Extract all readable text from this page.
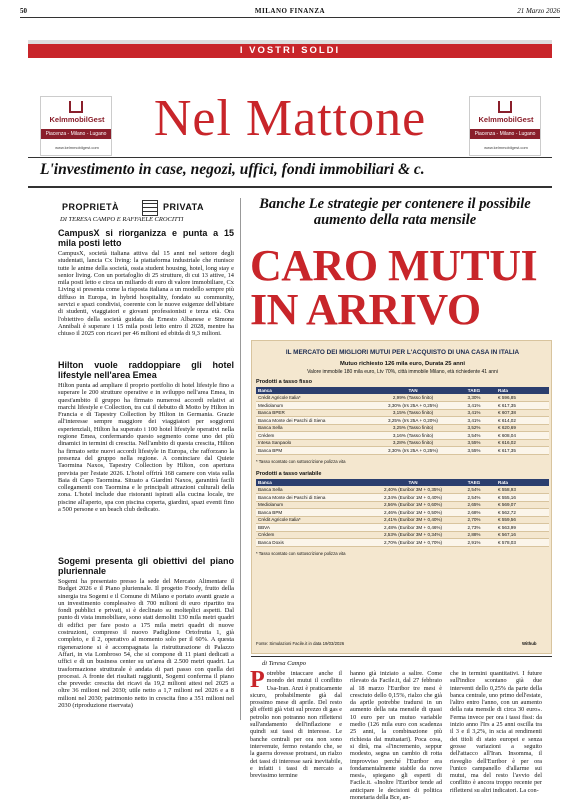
50	MILANO FINANZA	21 Marzo 2026
I VOSTRI SOLDI
KelmmobilGest
Piacenza - Milano - Lugano
www.kelmmobilgest.com
Nel Mattone	KelmmobilGest
Piacenza - Milano - Lugano
www.kelmmobilgest.com
L'investimento in case, negozi, uffici, fondi immobiliari & c.
PROPRIETÀ	PRIVATA
DI TERESA CAMPO E RAFFAELE CROCITTI
CampusX si riorganizza e punta a 15 mila posti letto

CampusX, società italiana attiva dal 15 anni nel settore degli studentati, lancia Cx living: la piattaforma industriale che riunisce tutte le anime della società, ossia student housing, hotel, long stay e senior living. Con un portafoglio di 25 strutture, di cui 13 attive, 14 mila posti letto e circa un miliardo di euro di valore immobiliare, Cx Living si presenta come la risposta italiana a un modello sempre più diffuso in Europa, in hybrid hospitality, fondato su community, servizi e spazi condivisi, coerente con le nuove esigenze dell'abitare di studenti, viaggiatori e giovani professionisti e terza età. Ora l'obiettivo della società guidata da Ernesto Albanese e Simone Annibali è superare i 15 mila posti letto entro il 2028, mentre ha chiuso il 2025 con ricavi per 46 milioni ed ebitda di 9,3 milioni.

Hilton vuole raddoppiare gli hotel lifestyle nell'area Emea

Hilton punta ad ampliare il proprio portfolio di hotel lifestyle fino a superare le 200 strutture operative e in sviluppo nell'area Emea, in quest'ambito il gruppo ha firmato numerosi accordi relativi ai marchi lifestyle e Collection, tra cui il debutto di Motto by Hilton in Francia e di Tapestry Collection by Hilton in Germania. Grazie all'interesse sempre maggiore dei viaggiatori per soggiorni esperienziali, Hilton ha superato i 100 hotel lifestyle operativi nella regione Emea, confermando questo segmento come uno dei più dinamici in termini di crescita. Nell'ambito di questa crescita, Hilton ha firmato sette nuovi accordi lifestyle in Europa, che rafforzano la presenza del gruppo nella regione. A cominciare dal Quiete Taormina Naxos, Tapestry Collection by Hilton, con apertura prevista per l'estate 2026. L'hotel offrirà 168 camere con vista sulla Baia di Capo Taormina. Situato a Giardini Naxos, garantirà facili collegamenti con Taormina e le principali attrazioni culturali della zona. L'hotel include due ristoranti ispirati alla cucina locale, tre piscine all'aperto, spa con piscina coperta, giardini, spazi eventi fino a 500 persone e un beach club dedicato.

Sogemi presenta gli obiettivi del piano pluriennale

Sogemi ha presentato presso la sede del Mercato Alimentare il Budget 2026 e il Piano pluriennale. Il progetto Foody, frutto della sinergia tra Sogemi e il Comune di Milano e portato avanti grazie a un investimento complessivo di 700 milioni di euro ripartito tra fondi pubblici e privati, si è declinato su molteplici aspetti. Dal punto di vista immobiliare, sono stati demoliti 130 mila metri quadri di edifici per fare posto a 175 mila metri quadri di nuove costruzioni, compreso il nuovo Padiglione Ortofrutta 1, già completo, e il 2, operativo al momento solo per il 60%. A questa rigenerazione si è accompagnata la ristrutturazione di Palazzo Affari, in via Lombroso 54, che si compone di 11 piani dedicati a uffici e di un business center su un'area di 2.500 metri quadri. La trasformazione strutturale è andata di pari passo con quella dei processi. A fronte dei risultati raggiunti, Sogemi conferma il piano che prevede: crescita dei ricavi da 19,2 milioni attesi nel 2025 a oltre 36 milioni nel 2030; utile netto a 1,7 milioni nel 2026 e a 8 milioni nel 2030; patrimonio netto in crescita fino a 351 milioni nel 2030 (riproduzione riservata)

Banche Le strategie per contenere il possibile aumento della rata mensile
CARO MUTUI
IN ARRIVO
IL MERCATO DEI MIGLIORI MUTUI PER L'ACQUISTO DI UNA CASA IN ITALIA
Mutuo richiesto 126 mila euro, Durata 25 anni
Valore immobile 180 mila euro, Ltv 70%, città immobile Milano, età richiedente 41 anni
Prodotti a tasso fisso
Banca	TAN	TAEG	Rata
Crédit Agricole Italia*	2,99% (Tasso finito)	3,30%	€ 596,85
Mediolanum	3,30% (Irs 25A + 0,25%)	3,41%	€ 617,35
Banca BPER	3,15% (Tasso finito)	3,41%	€ 607,38
Banca Monte dei Paschi di Siena	3,25% (Irs 25A + 0,20%)	3,41%	€ 614,02
Banca Sella	3,25% (Tasso finito)	3,52%	€ 620,69
Crédem	3,16% (Tasso finito)	3,54%	€ 608,04
Intesa Sanpaolo	3,28% (Tasso finito)	3,55%	€ 616,02
Banca BPM	3,30% (Irs 25A + 0,25%)	3,55%	€ 617,35
* Tasso scontato con sottoscrizione polizza vita
Prodotti a tasso variabile
Banca	TAN	TAEG	Rata
Banca Sella	2,40% (Euribor 3M + 0,35%)	2,54%	€ 558,93
Banca Monte dei Paschi di Siena	2,34% (Euribor 1M + 0,40%)	2,54%	€ 555,16
Mediolanum	2,56% (Euribor 1M + 0,60%)	2,65%	€ 569,07
Banca BPM	2,46% (Euribor 1M + 0,50%)	2,68%	€ 562,72
Crédit Agricole Italia*	2,41% (Euribor 3M + 0,40%)	2,70%	€ 559,56
BBVA	2,48% (Euribor 3M + 0,46%)	2,73%	€ 563,99
Crédem	2,53% (Euribor 3M + 0,34%)	2,88%	€ 567,16
Banca Doxis	2,70% (Euribor 1M + 0,70%)	2,91%	€ 578,03
* Tasso scontato con sottoscrizione polizza vita
Fonte: Simulazioni Facile.it in data 19/03/2026	Withub
di Teresa Campo
Potrebbe intaccare anche il mondo dei mutui il conflitto Usa-Iran. Anzi è praticamente sicuro, probabilmente già dal prossimo mese di aprile. Del resto gli effetti già visti sul prezzo di gas e petrolio non potranno non riflettersi sull'andamento dell'inflazione e quindi sui tassi di interesse. Le banche centrali per ora non sono intervenute, fermo restando che, se la guerra dovesse protrarsi, un rialzo dei tassi di interesse sarà inevitabile, e infatti i tassi di mercato a brevissimo termine
hanno già iniziato a salire. Come rilevato da Facile.it, dal 27 febbraio al 18 marzo l'Euribor tre mesi è cresciuto dello 0,15%, rialzo che già da aprile potrebbe tradursi in un aumento della rata mensile di quasi 10 euro per un mutuo variabile medio (126 mila euro con scadenza 25 anni, la combinazione più richiesta dai mutuatari). Poca cosa, si dirà, ma «l'incremento, seppur modesto, segna un cambio di rotta improvviso perché l'Euribor era fondamentalmente stabile da nove mesi», spiegano gli esperti di Facile.it. «Inoltre l'Euribor tende ad anticipare le decisioni di politica monetaria della Bce, an-
che in termini quantitativi. I future sull'indice scontano già due interventi dello 0,25% da parte della banca centrale, uno primo dell'estate, l'altro entro l'anno, con un aumento della rata mensile di circa 30 euro». Ferma invece per ora i tassi fissi: da inizio anno l'Irs a 25 anni oscilla tra il 3 e il 3,2%, in scia ai rendimenti dei titoli di stato europei e senza grosse variazioni a seguito dell'attacco all'Iran. Insomma, il risveglio dell'Euribor è per ora l'unico campanello d'allarme sui mutui, ma del resto l'avvio del conflitto è ancora troppo recente per riflettersi su altri indicatori. La con-
